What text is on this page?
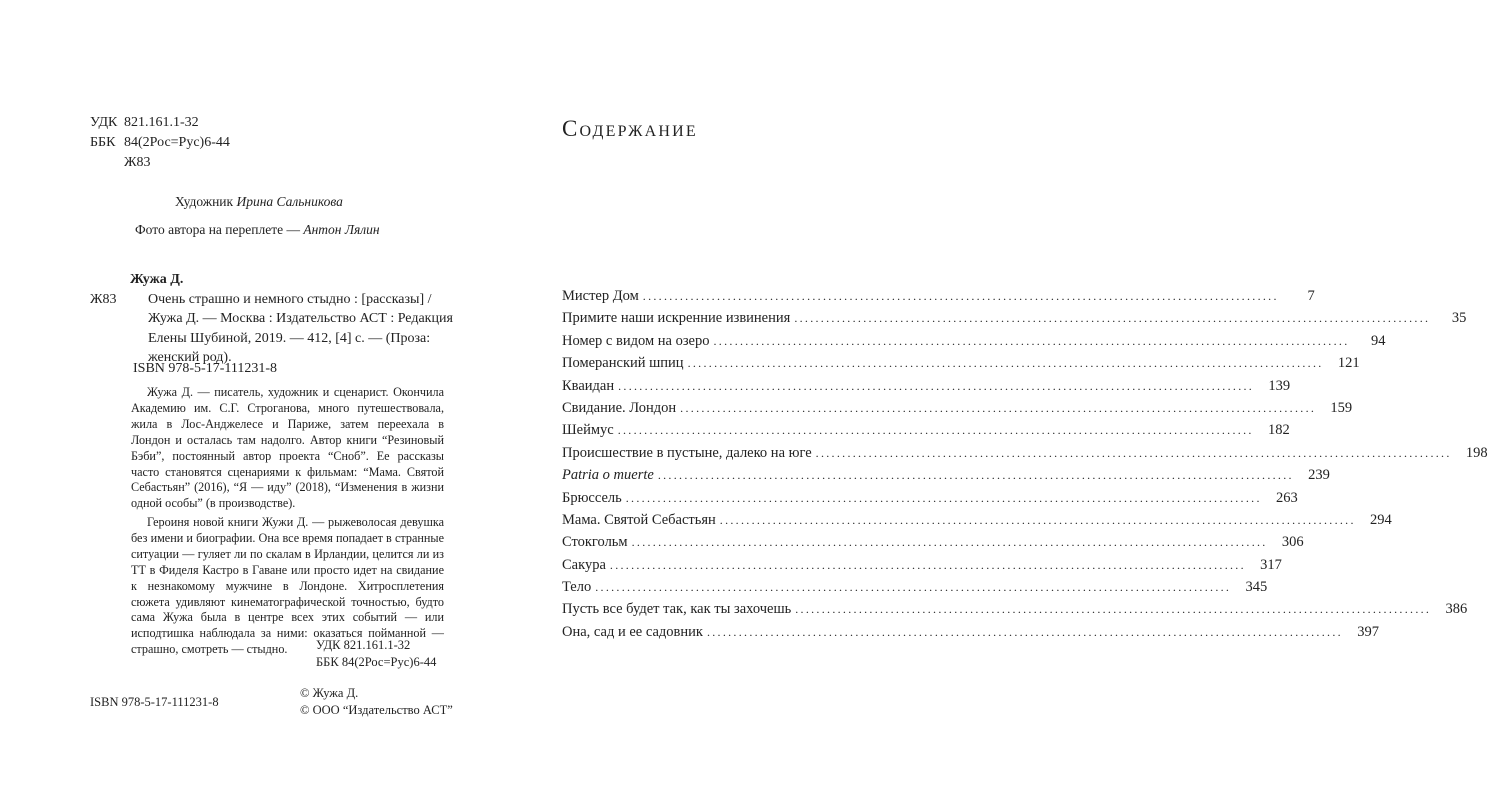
УДК 821.161.1-32
ББК 84(2Рос=Рус)6-44
Ж83
Художник Ирина Сальникова
Фото автора на переплете — Антон Лялин
Жужа Д.
Ж83 Очень страшно и немного стыдно : [рассказы] / Жужа Д. — Москва : Издательство АСТ : Редакция Елены Шубиной, 2019. — 412, [4] с. — (Проза: женский род).
ISBN 978-5-17-111231-8

Жужа Д. — писатель, художник и сценарист. Окончила Академию им. С.Г. Строганова, много путешествовала, жила в Лос-Анджелесе и Париже, затем переехала в Лондон и осталась там надолго. Автор книги “Резиновый Бэби”, постоянный автор проекта “Сноб”. Ее рассказы часто становятся сценариями к фильмам: “Мама. Святой Себастьян” (2016), “Я — иду” (2018), “Изменения в жизни одной особы” (в производстве).

Героиня новой книги Жужи Д. — рыжеволосая девушка без имени и биографии. Она все время попадает в странные ситуации — гуляет ли по скалам в Ирландии, целится ли из ТТ в Фиделя Кастро в Гаване или просто идет на свидание к незнакомому мужчине в Лондоне. Хитросплетения сюжета удивляют кинематографической точностью, будто сама Жужа была в центре всех этих событий — или исподтишка наблюдала за ними: оказаться пойманной — страшно, смотреть — стыдно.	УДК 821.161.1-32
ББК 84(2Рос=Рус)6-44
ISBN 978-5-17-111231-8
© Жужа Д.
© ООО “Издательство АСТ”
Содержание
Мистер Дом ........................................................................................................................	7
Примите наши искренние извинения ........................................................................................................................	35
Номер с видом на озеро ........................................................................................................................	94
Померанский шпиц ........................................................................................................................ 121
Кваидан ........................................................................................................................ 139
Свидание. Лондон ........................................................................................................................ 159
Шеймус ........................................................................................................................ 182
Происшествие в пустыне, далеко на юге ........................................................................................................................ 198
Patria o muerte ........................................................................................................................ 239
Брюссель ........................................................................................................................ 263
Мама. Святой Себастьян ........................................................................................................................ 294
Стокгольм ........................................................................................................................ 306
Сакура ........................................................................................................................ 317
Тело ........................................................................................................................ 345
Пусть все будет так, как ты захочешь ........................................................................................................................ 386
Она, сад и ее садовник ........................................................................................................................ 397
